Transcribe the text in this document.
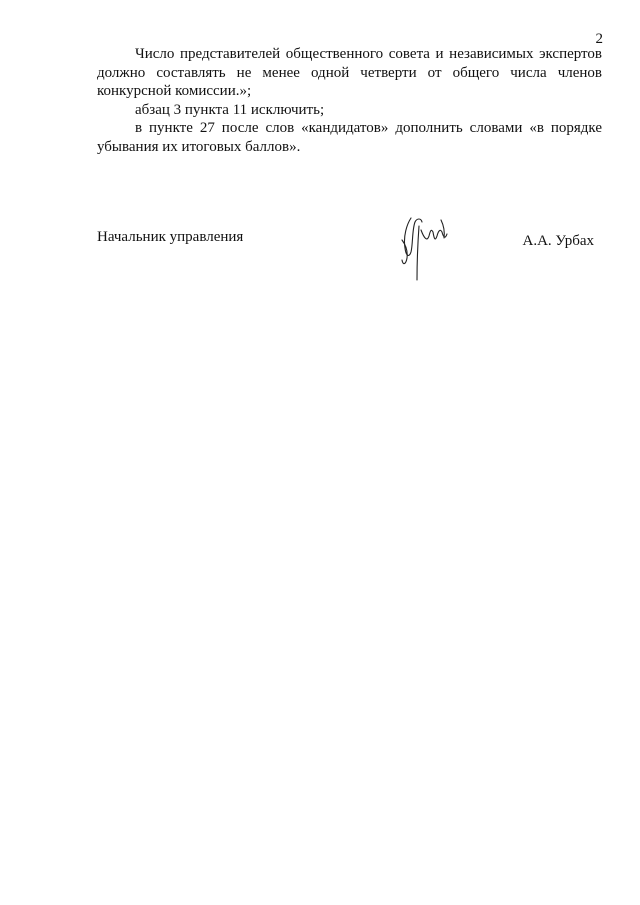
2

Число представителей общественного совета и независимых экспертов должно составлять не менее одной четверти от общего числа членов конкурсной комиссии.»;

абзац 3 пункта 11 исключить;

в пункте 27 после слов «кандидатов» дополнить словами «в порядке убывания их итоговых баллов».

Начальник управления	А.А. Урбах
